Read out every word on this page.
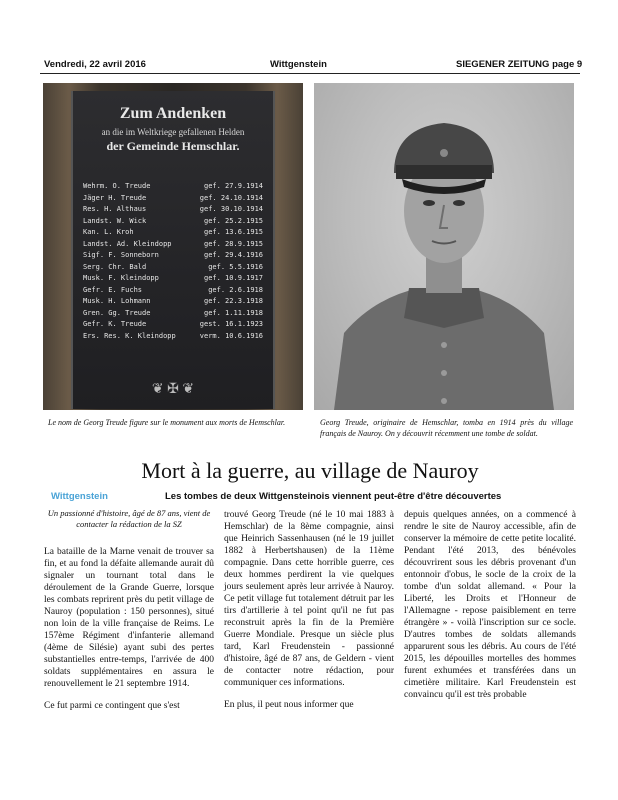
Vendredi, 22 avril 2016	Wittgenstein	SIEGENER ZEITUNG page 9
Zum Andenken
an die im Weltkriege gefallenen Helden
der Gemeinde Hemschlar.
Wehrm. O. Treude	gef. 27.9.1914
Jäger H. Treude	gef. 24.10.1914
Res. H. Althaus	gef. 30.10.1914
Landst. W. Wick	gef. 25.2.1915
Kan. L. Kroh	gef. 13.6.1915
Landst. Ad. Kleindopp	gef. 28.9.1915
Sigf. F. Sonneborn	gef. 29.4.1916
Serg. Chr. Bald	gef. 5.5.1916
Musk. F. Kleindopp	gef. 10.9.1917
Gefr. E. Fuchs	gef. 2.6.1918
Musk. H. Lohmann	gef. 22.3.1918
Gren. Gg. Treude	gef. 1.11.1918
Gefr. K. Treude	gest. 16.1.1923
Ers. Res. K. Kleindopp	verm. 10.6.1916
❦ ✠ ❦
Le nom de Georg Treude figure sur le monument aux morts de Hemschlar.	Georg Treude, originaire de Hemschlar, tomba en 1914 près du village français de Nauroy. On y découvrit récemment une tombe de soldat.
Mort à la guerre, au village de Nauroy
Wittgenstein	Les tombes de deux Wittgensteinois viennent peut-être d'être découvertes
Un passionné d'histoire, âgé de 87 ans, vient de contacter la rédaction de la SZ

La bataille de la Marne venait de trouver sa fin, et au fond la défaite allemande aurait dû signaler un tournant total dans le déroulement de la Grande Guerre, lorsque les combats reprirent près du petit village de Nauroy (population : 150 personnes), situé non loin de la ville française de Reims. Le 157ème Régiment d'infanterie allemand (4ème de Silésie) ayant subi des pertes substantielles entre-temps, l'arrivée de 400 soldats supplémentaires en assura le renouvellement le 21 septembre 1914.

Ce fut parmi ce contingent que s'est

trouvé Georg Treude (né le 10 mai 1883 à Hemschlar) de la 8ème compagnie, ainsi que Heinrich Sassenhausen (né le 19 juillet 1882 à Herbertshausen) de la 11ème compagnie. Dans cette horrible guerre, ces deux hommes perdirent la vie quelques jours seulement après leur arrivée à Nauroy. Ce petit village fut totalement détruit par les tirs d'artillerie à tel point qu'il ne fut pas reconstruit après la fin de la Première Guerre Mondiale. Presque un siècle plus tard, Karl Freudenstein - passionné d'histoire, âgé de 87 ans, de Geldern - vient de contacter notre rédaction, pour communiquer ces informations.

En plus, il peut nous informer que

depuis quelques années, on a commencé à rendre le site de Nauroy accessible, afin de conserver la mémoire de cette petite localité. Pendant l'été 2013, des bénévoles découvrirent sous les débris provenant d'un entonnoir d'obus, le socle de la croix de la tombe d'un soldat allemand. « Pour la Liberté, les Droits et l'Honneur de l'Allemagne - repose paisiblement en terre étrangère » - voilà l'inscription sur ce socle. D'autres tombes de soldats allemands apparurent sous les débris. Au cours de l'été 2015, les dépouilles mortelles des hommes furent exhumées et transférées dans un cimetière militaire. Karl Freudenstein est convaincu qu'il est très probable
